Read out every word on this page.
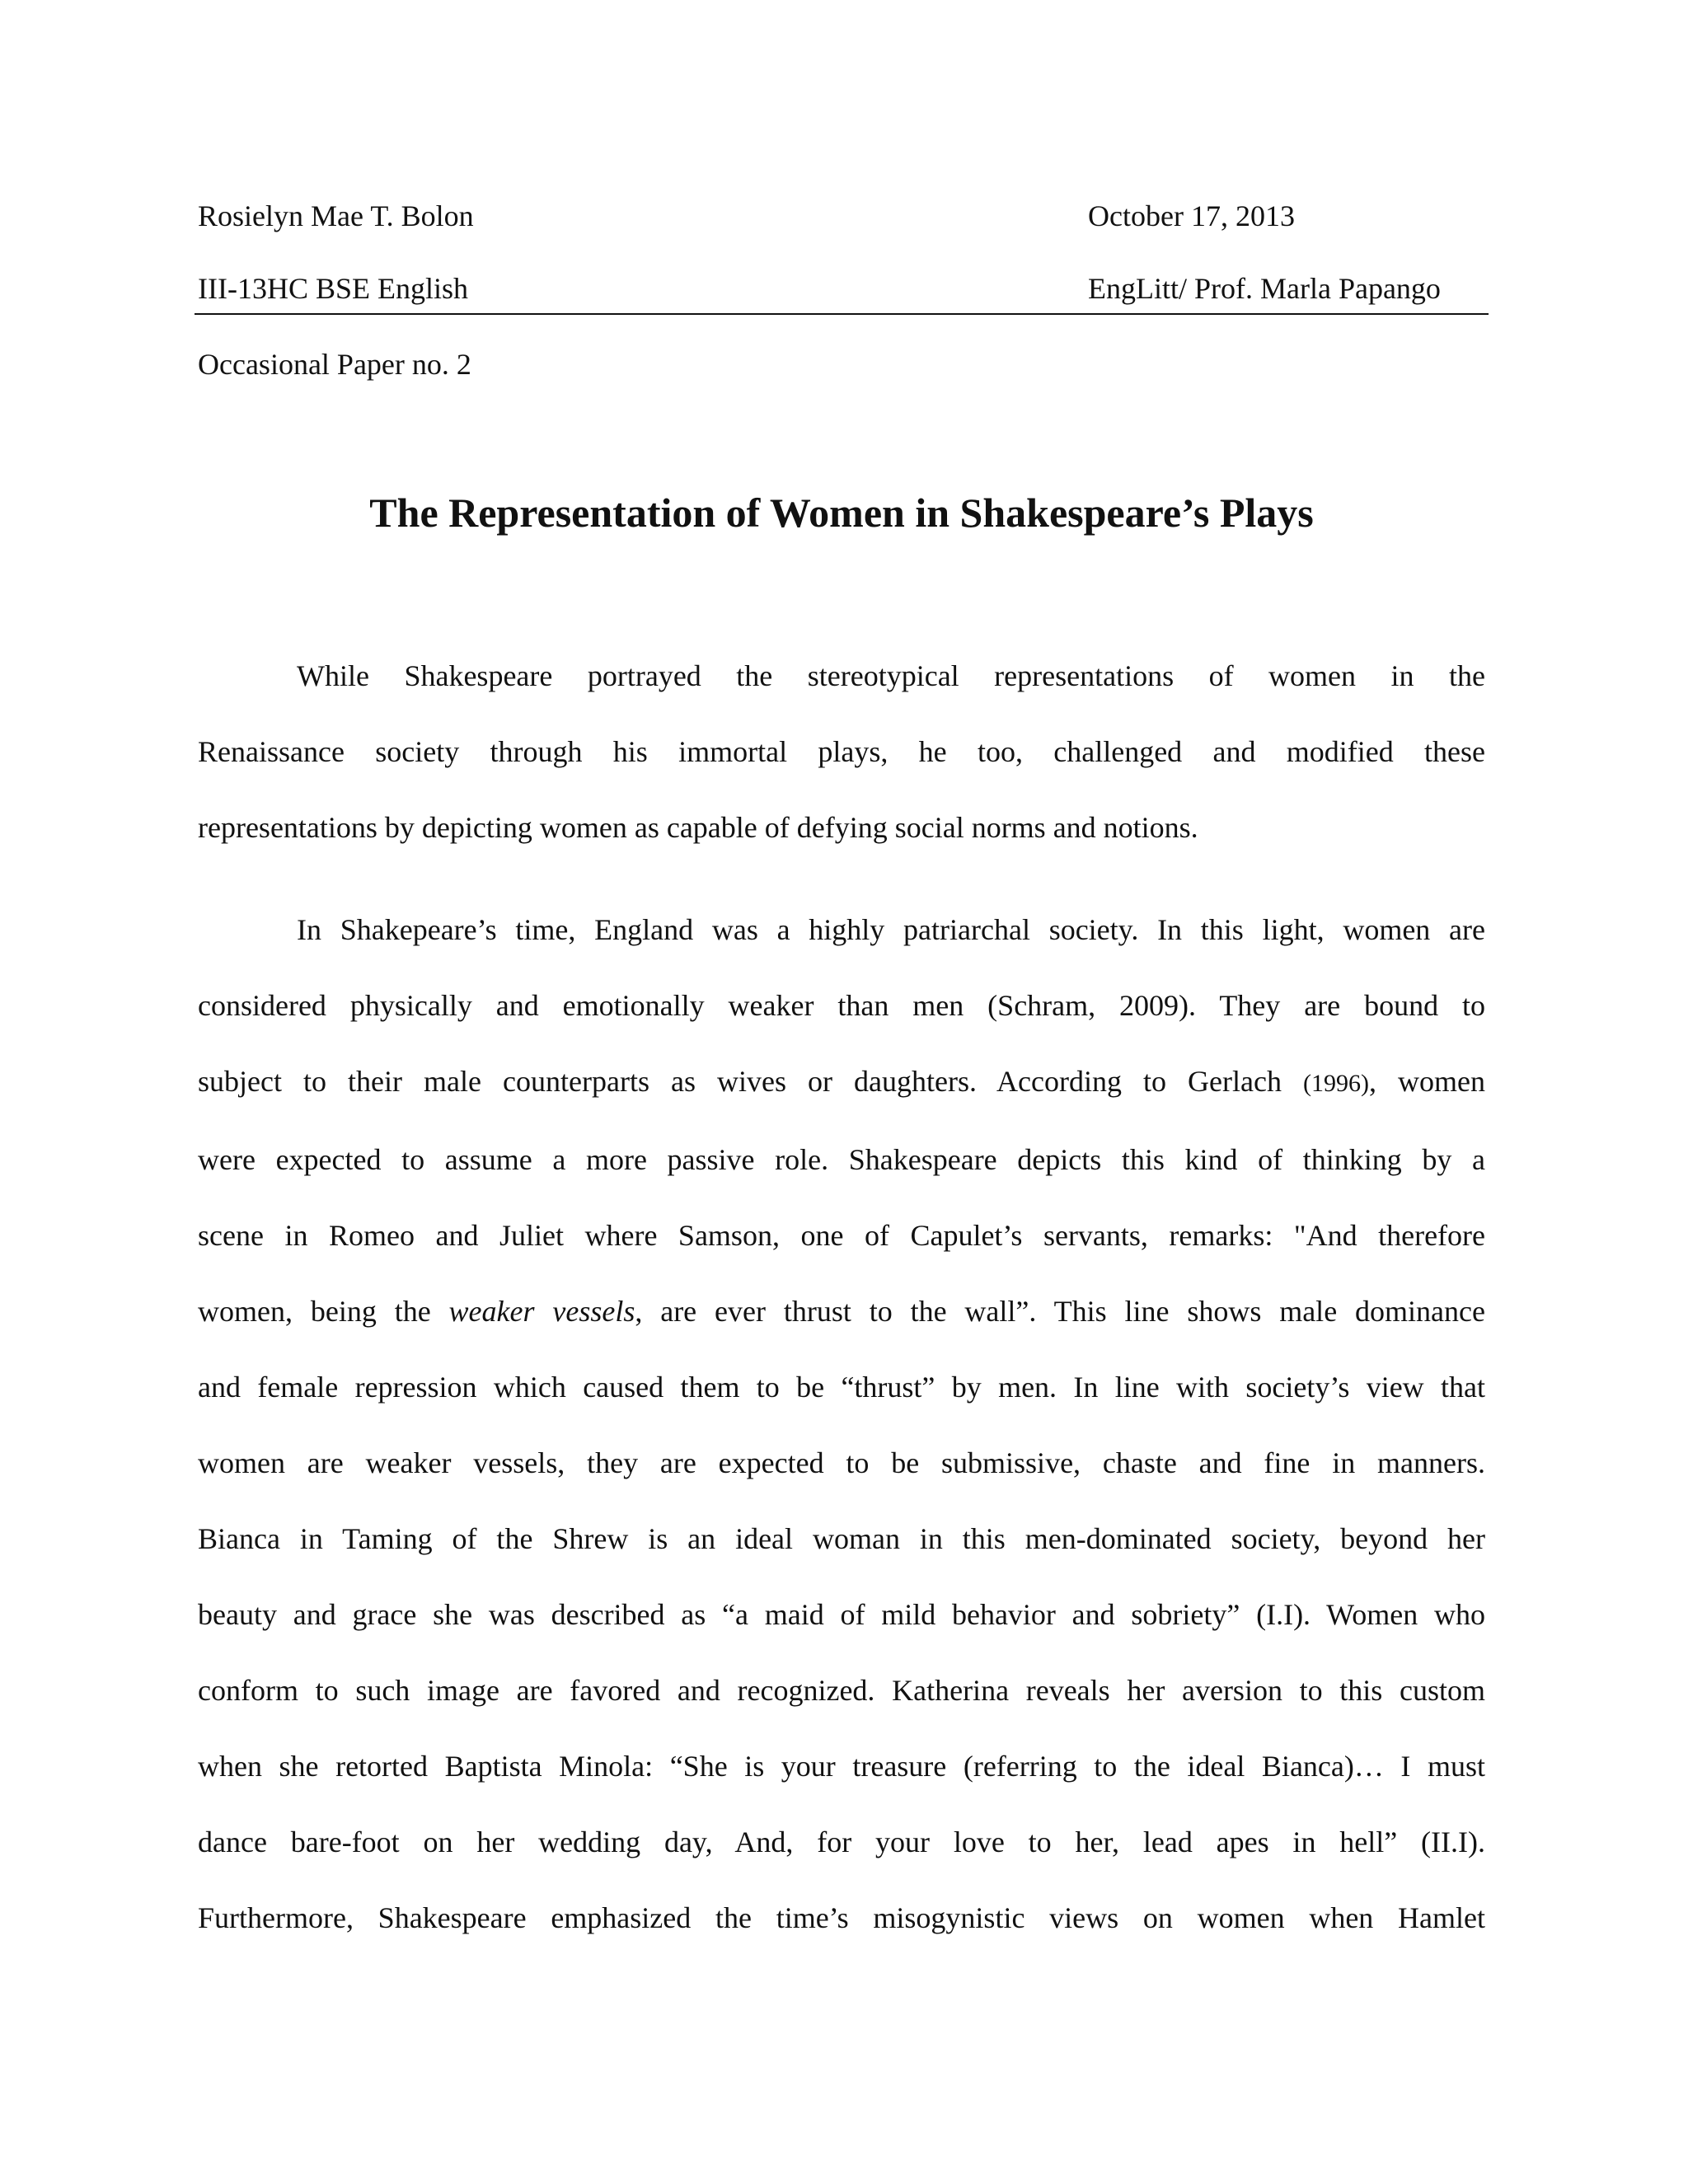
Rosielyn Mae T. Bolon	October 17, 2013
III-13HC BSE English	EngLitt/ Prof. Marla Papango
Occasional Paper no. 2
The Representation of Women in Shakespeare’s Plays
While Shakespeare portrayed the stereotypical representations of women in the
Renaissance society through his immortal plays, he too, challenged and modified these
representations by depicting women as capable of defying social norms and notions.
In Shakepeare’s time, England was a highly patriarchal society. In this light, women are
considered physically and emotionally weaker than men (Schram, 2009). They are bound to
subject to their male counterparts as wives or daughters. According to Gerlach (1996), women
were expected to assume a more passive role. Shakespeare depicts this kind of thinking by a
scene in Romeo and Juliet where Samson, one of Capulet’s servants, remarks: "And therefore
women, being the weaker vessels, are ever thrust to the wall”. This line shows male dominance
and female repression which caused them to be “thrust” by men. In line with society’s view that
women are weaker vessels, they are expected to be submissive, chaste and fine in manners.
Bianca in Taming of the Shrew is an ideal woman in this men-dominated society, beyond her
beauty and grace she was described as “a maid of mild behavior and sobriety” (I.I). Women who
conform to such image are favored and recognized. Katherina reveals her aversion to this custom
when she retorted Baptista Minola: “She is your treasure (referring to the ideal Bianca)… I must
dance bare-foot on her wedding day, And, for your love to her, lead apes in hell” (II.I).
Furthermore, Shakespeare emphasized the time’s misogynistic views on women when Hamlet
